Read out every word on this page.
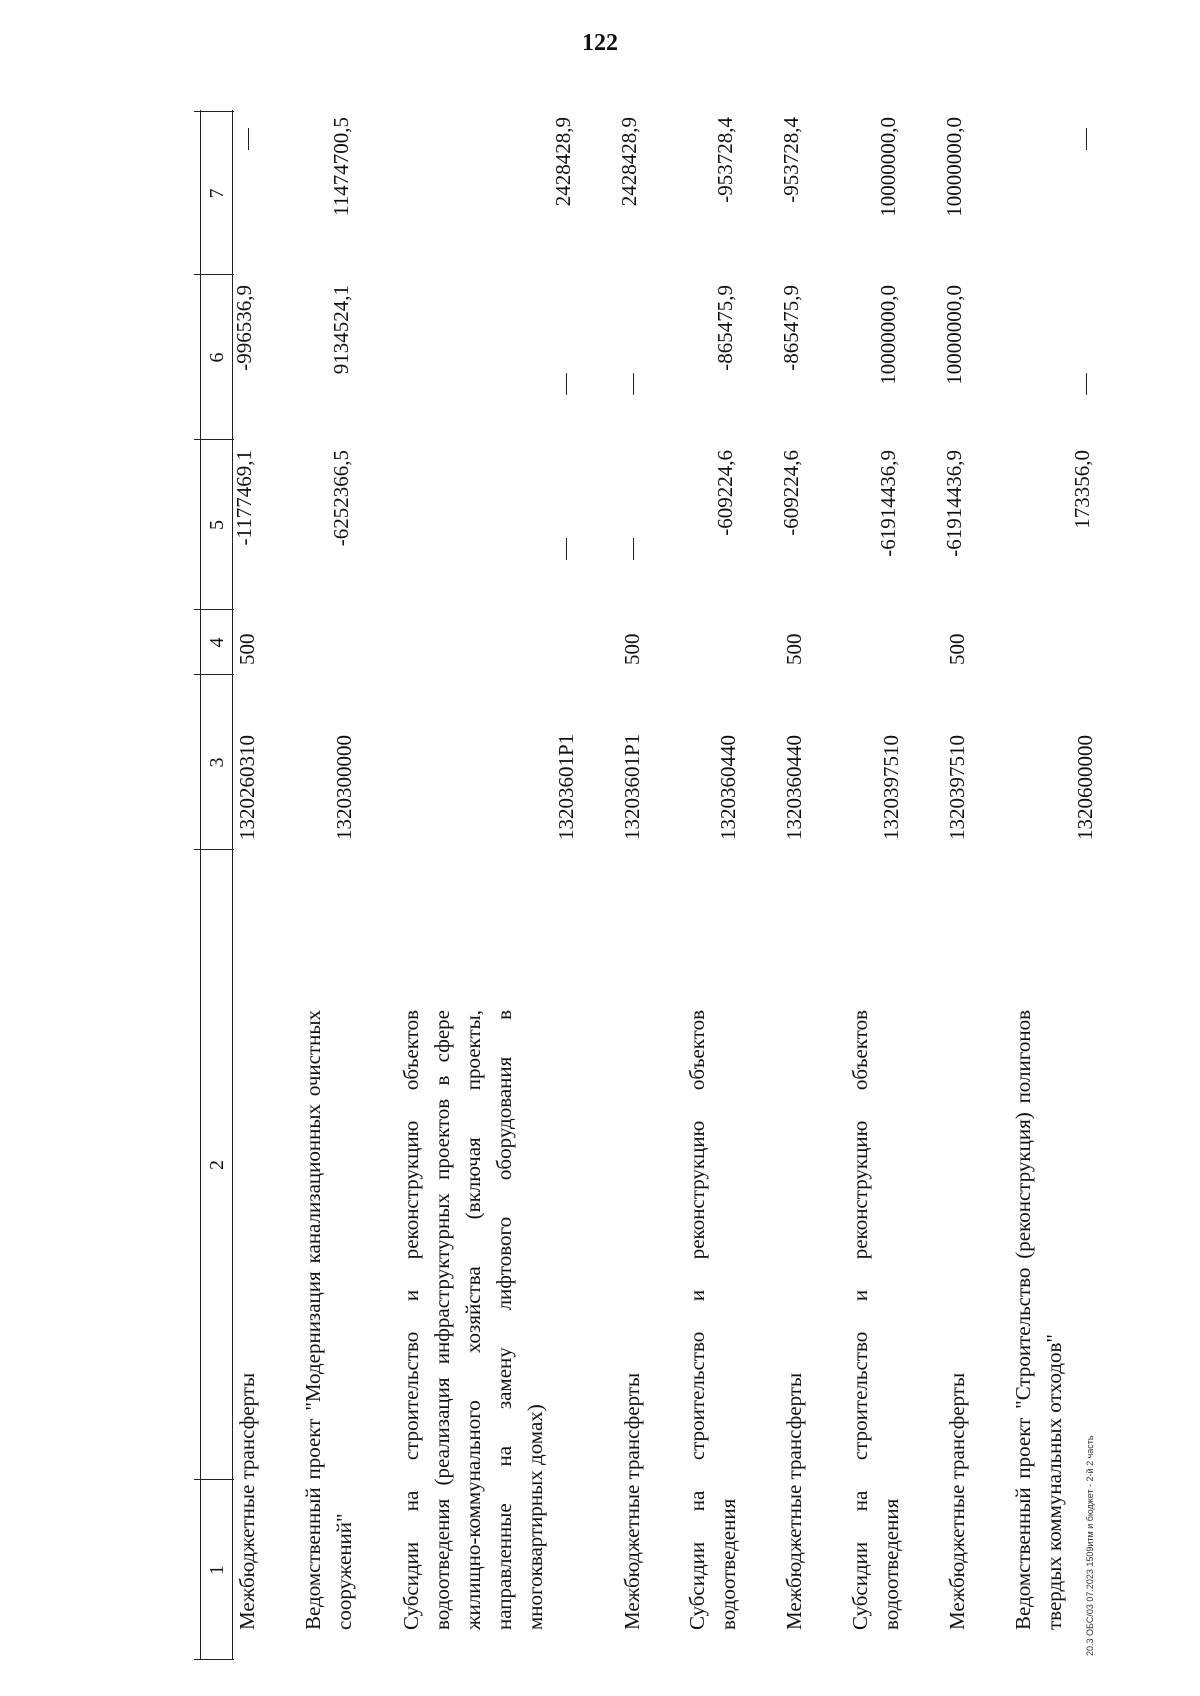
122
20.3 ОБС/03 07.2023 1509итм и бюджет - 2-й 2 часть
1
2
3
4
5
6
7
Межбюджетные трансферты
1320260310
500
-1177469,1
-996536,9
Ведомственный проект "Модернизация канализационных очистных сооружений"
1320300000
-6252366,5
9134524,1
11474700,5
Субсидии на строительство и реконструкцию объектов водоотведения (реализация инфраструктурных проектов в сфере жилищно-коммунального хозяйства (включая проекты, направленные на замену лифтового оборудования в многоквартирных домах)
13203601P1
2428428,9
Межбюджетные трансферты
13203601P1
500
2428428,9
Субсидии на строительство и реконструкцию объектов водоотведения
1320360440
-609224,6
-865475,9
-953728,4
Межбюджетные трансферты
1320360440
500
-609224,6
-865475,9
-953728,4
Субсидии на строительство и реконструкцию объектов водоотведения
1320397510
-61914436,9
10000000,0
10000000,0
Межбюджетные трансферты
1320397510
500
-61914436,9
10000000,0
10000000,0
Ведомственный проект "Строительство (реконструкция) полигонов твердых коммунальных отходов"
1320600000
173356,0
